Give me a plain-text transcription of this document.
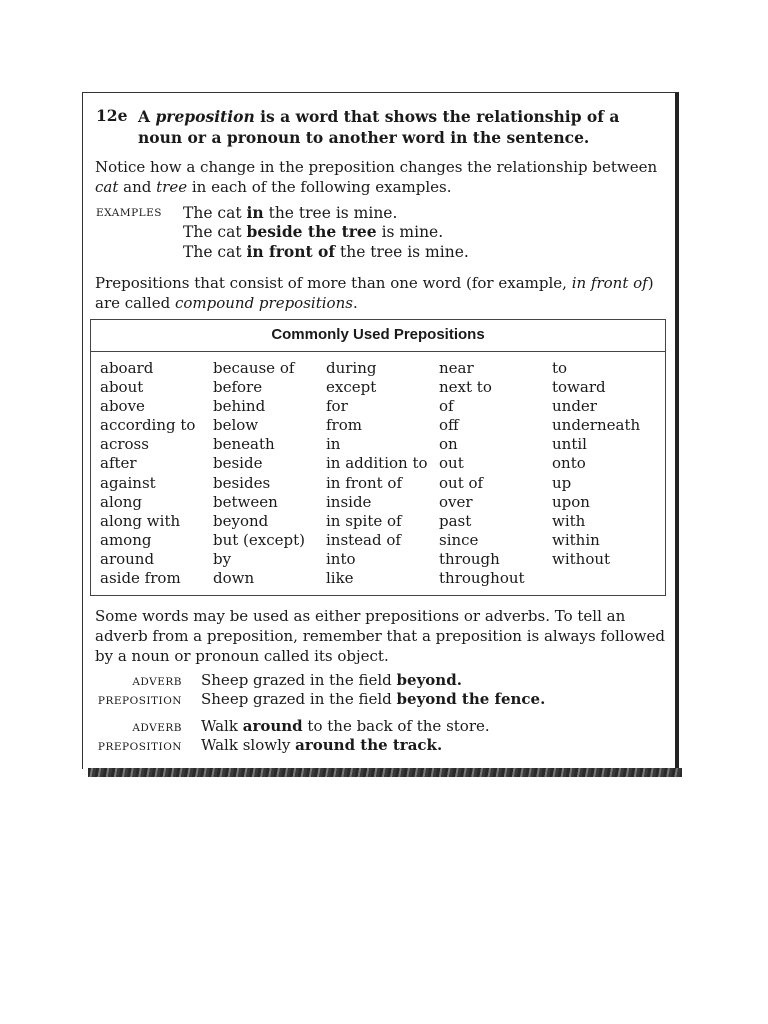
12e A preposition is a word that shows the relationship of a noun or a pronoun to another word in the sentence.
Notice how a change in the preposition changes the relationship between cat and tree in each of the following examples.
EXAMPLES The cat in the tree is mine.
The cat beside the tree is mine.
The cat in front of the tree is mine.
Prepositions that consist of more than one word (for example, in front of) are called compound prepositions.
Commonly Used Prepositions
aboard
about
above
according to
across
after
against
along
along with
among
around
aside from
because of
before
behind
below
beneath
beside
besides
between
beyond
but (except)
by
down
during
except
for
from
in
in addition to
in front of
inside
in spite of
instead of
into
like
near
next to
of
off
on
out
out of
over
past
since
through
throughout
to
toward
under
underneath
until
onto
up
upon
with
within
without
Some words may be used as either prepositions or adverbs. To tell an adverb from a preposition, remember that a preposition is always followed by a noun or pronoun called its object.
ADVERB Sheep grazed in the field beyond.
PREPOSITION Sheep grazed in the field beyond the fence.
ADVERB Walk around to the back of the store.
PREPOSITION Walk slowly around the track.
